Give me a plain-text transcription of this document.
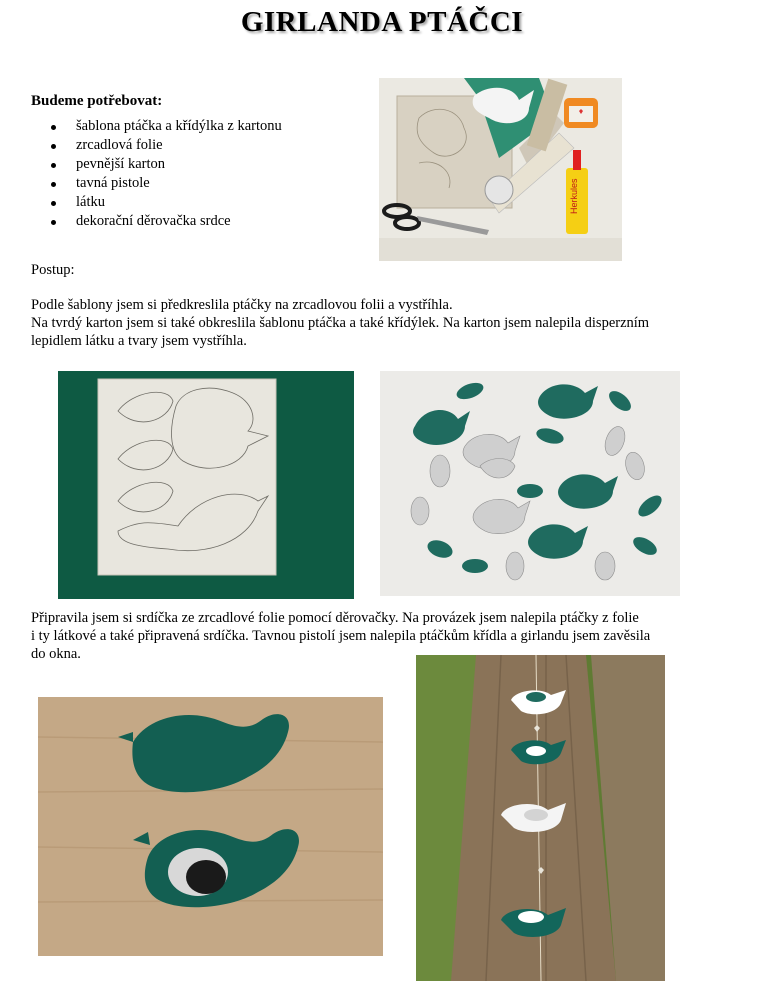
GIRLANDA PTÁČCI
Budeme potřebovat:
šablona ptáčka a křídýlka z kartonu
zrcadlová folie
pevnější karton
tavná pistole
látku
dekorační děrovačka srdce
Herkules
Postup:
Podle šablony jsem si předkreslila ptáčky na zrcadlovou folii a vystříhla.
Na tvrdý karton jsem si také obkreslila šablonu ptáčka a také křídýlek. Na karton jsem nalepila disperzním
lepidlem látku a tvary jsem vystříhla.
Připravila jsem si srdíčka ze zrcadlové folie pomocí děrovačky. Na provázek jsem nalepila ptáčky z folie
i ty látkové a také připravená srdíčka. Tavnou pistolí jsem nalepila ptáčkům křídla a girlandu jsem zavěsila
do okna.
